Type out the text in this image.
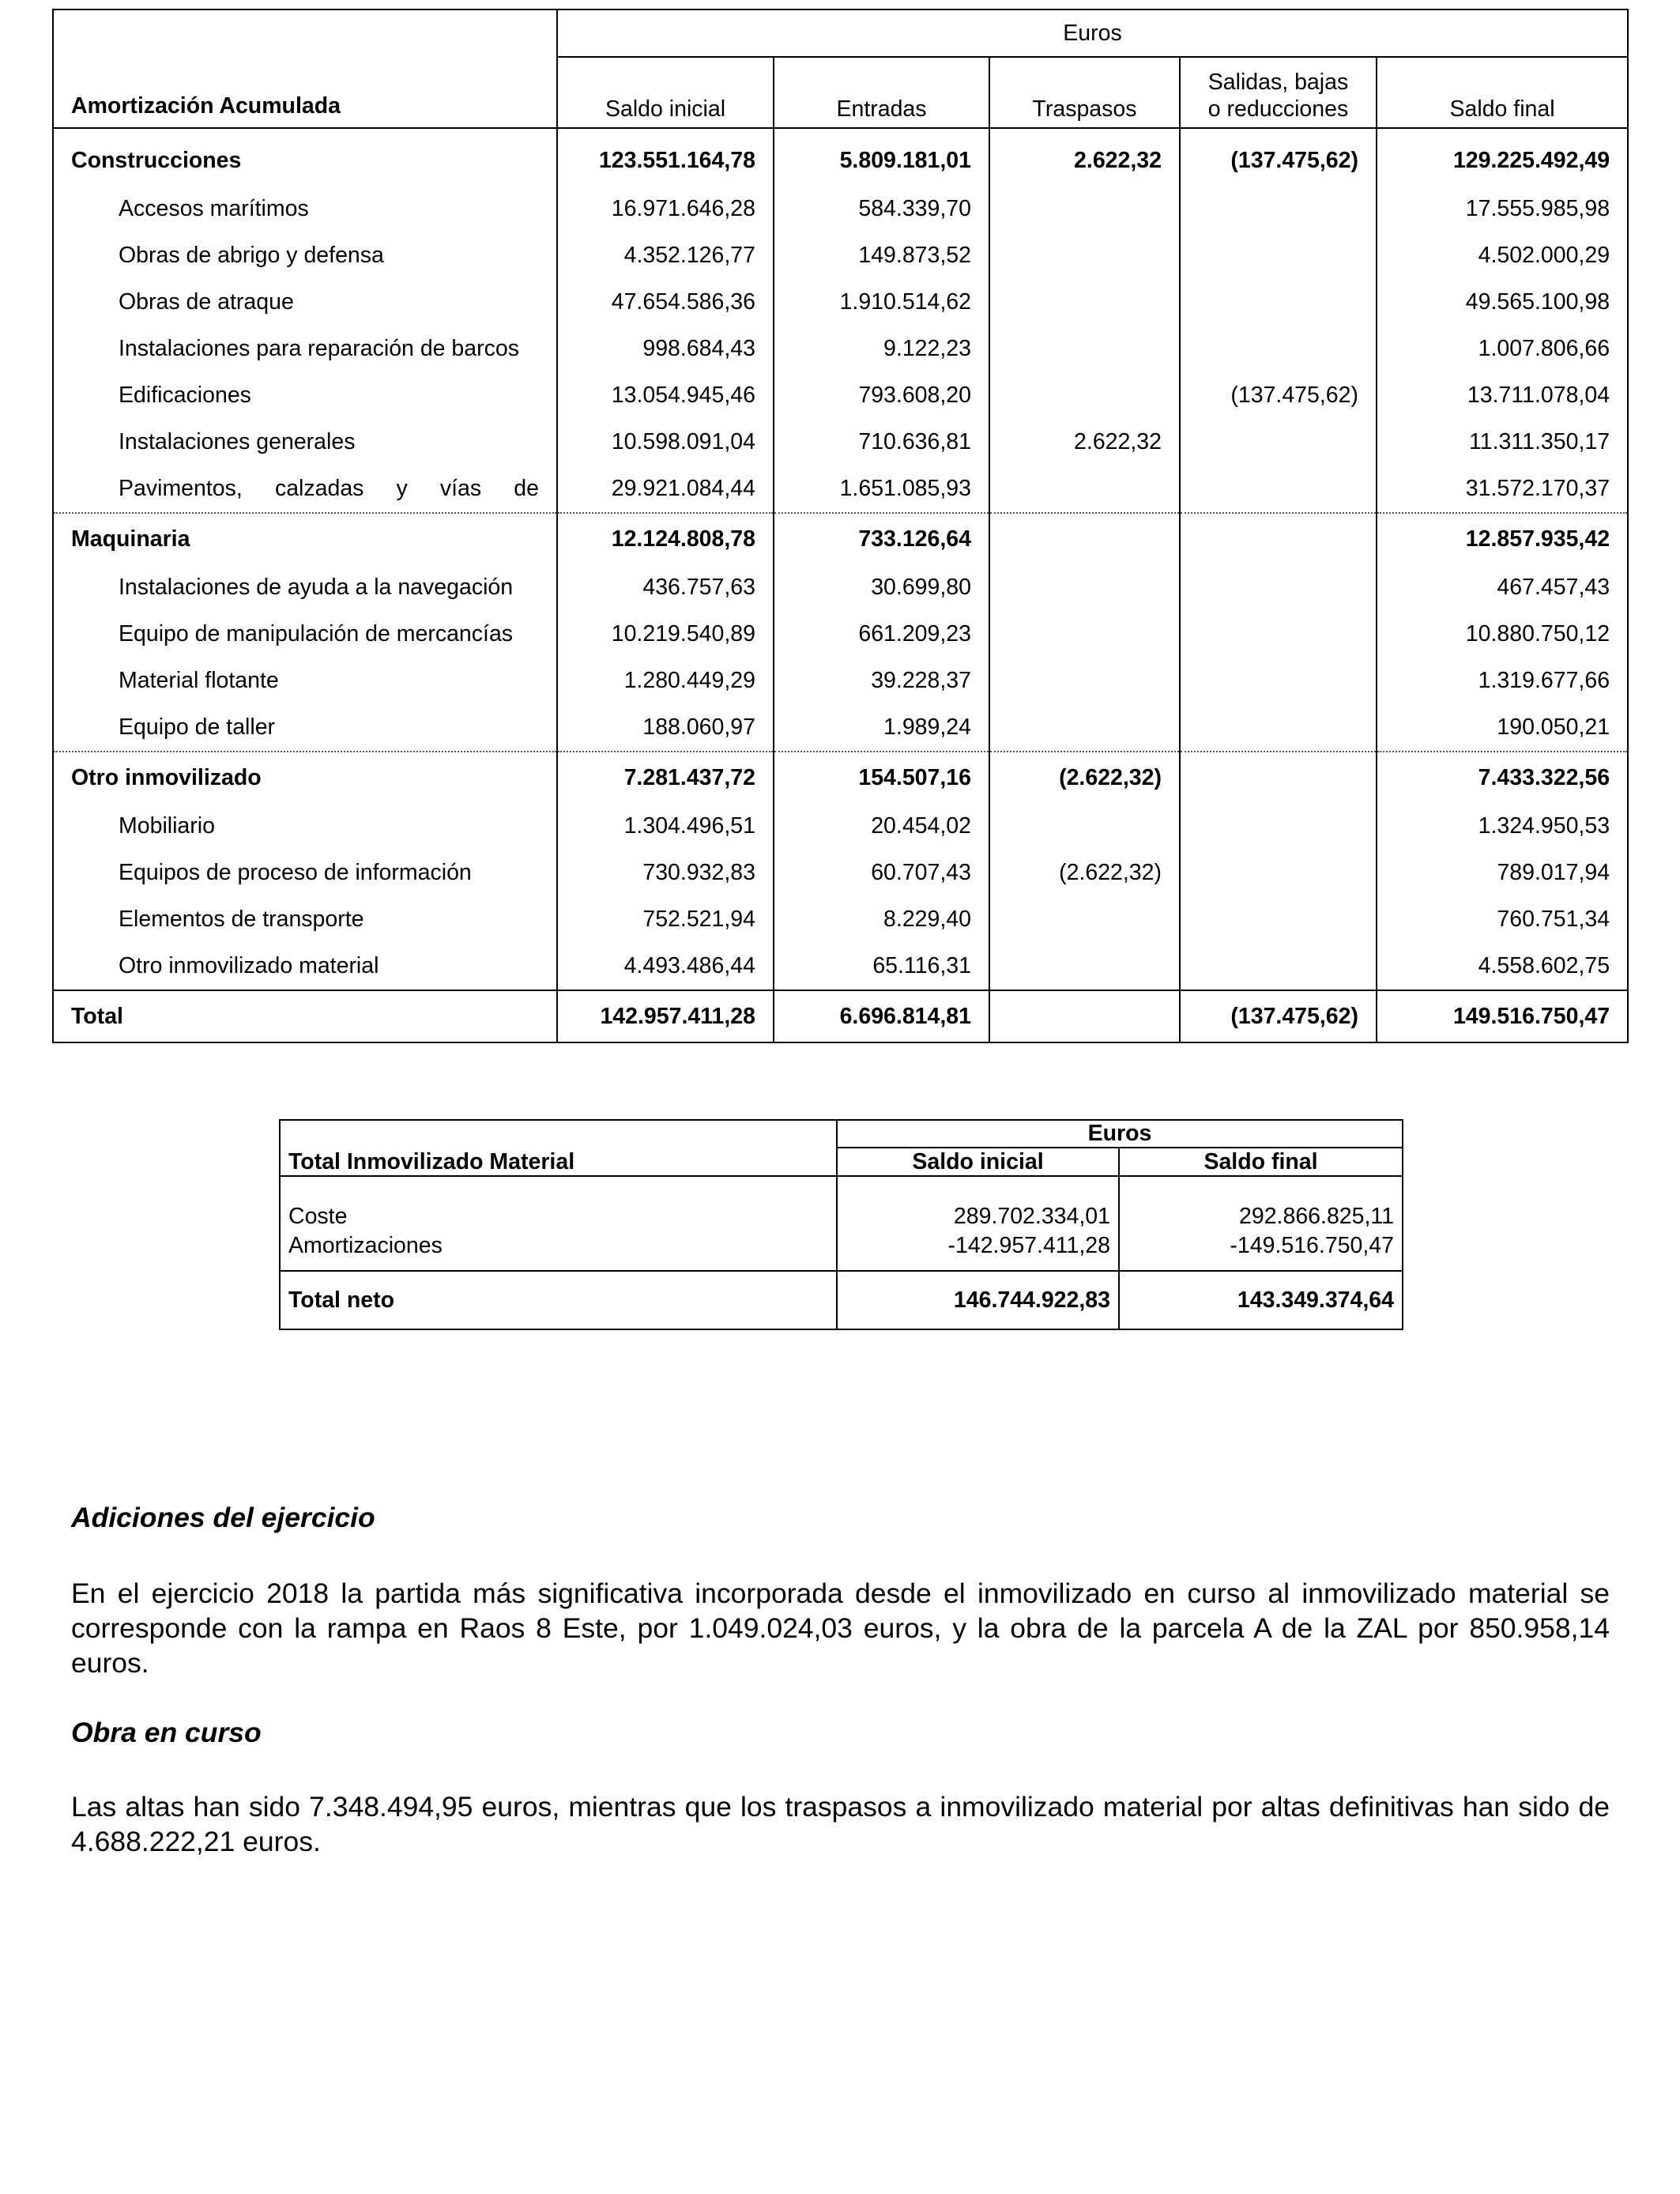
Amortización Acumulada	Euros				
	Saldo inicial	Entradas	Traspasos	Salidas, bajas
o reducciones	Saldo final
Construcciones	123.551.164,78	5.809.181,01	2.622,32	(137.475,62)	129.225.492,49
Accesos marítimos	16.971.646,28	584.339,70			17.555.985,98
Obras de abrigo y defensa	4.352.126,77	149.873,52			4.502.000,29
Obras de atraque	47.654.586,36	1.910.514,62			49.565.100,98
Instalaciones para reparación de barcos	998.684,43	9.122,23			1.007.806,66
Edificaciones	13.054.945,46	793.608,20		(137.475,62)	13.711.078,04
Instalaciones generales	10.598.091,04	710.636,81	2.622,32		11.311.350,17

Pavimentos, calzadas y vías de	29.921.084,44	1.651.085,93			31.572.170,37
Maquinaria	12.124.808,78	733.126,64			12.857.935,42
Instalaciones de ayuda a la navegación	436.757,63	30.699,80			467.457,43
Equipo de manipulación de mercancías	10.219.540,89	661.209,23			10.880.750,12
Material flotante	1.280.449,29	39.228,37			1.319.677,66
Equipo de taller	188.060,97	1.989,24			190.050,21
Otro inmovilizado	7.281.437,72	154.507,16	(2.622,32)		7.433.322,56
Mobiliario	1.304.496,51	20.454,02			1.324.950,53
Equipos de proceso de información	730.932,83	60.707,43	(2.622,32)		789.017,94
Elementos de transporte	752.521,94	8.229,40			760.751,34
Otro inmovilizado material	4.493.486,44	65.116,31			4.558.602,75
Total	142.957.411,28	6.696.814,81		(137.475,62)	149.516.750,47
Total Inmovilizado Material	Euros	
	Saldo inicial	Saldo final
Coste	289.702.334,01	292.866.825,11
Amortizaciones	-142.957.411,28	-149.516.750,47
Total neto	146.744.922,83	143.349.374,64
Adiciones del ejercicio

En el ejercicio 2018 la partida más significativa incorporada desde el inmovilizado en curso al inmovilizado material se corresponde con la rampa en Raos 8 Este, por 1.049.024,03 euros, y la obra de la parcela A de la ZAL por 850.958,14 euros.

Obra en curso

Las altas han sido 7.348.494,95 euros, mientras que los traspasos a inmovilizado material por altas definitivas han sido de 4.688.222,21 euros.
